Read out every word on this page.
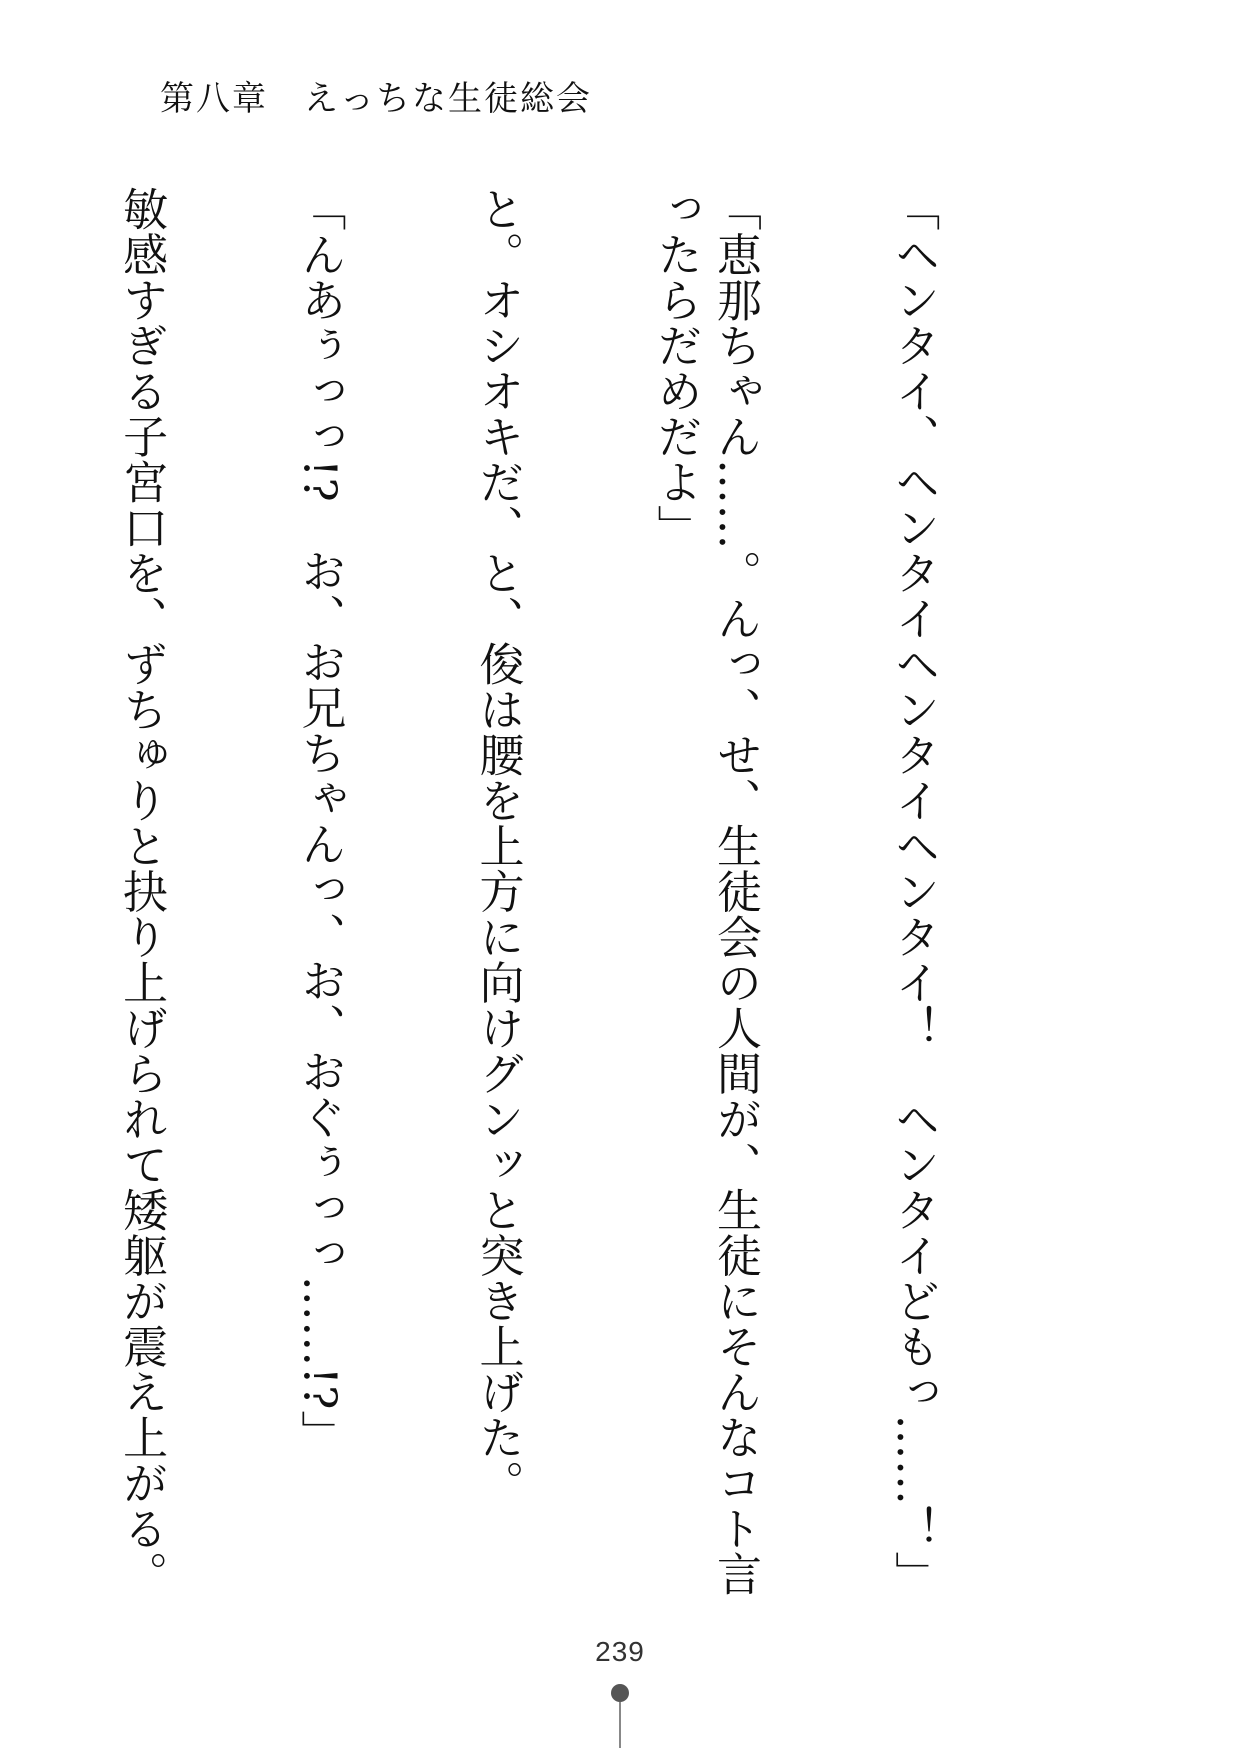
第八章　えっちな生徒総会

「ヘンタイ、ヘンタイヘンタイヘンタイ！　ヘンタイどもっ……！」

「恵那ちゃん……。んっ、せ、生徒会の人間が、生徒にそんなコト言ったらだめだよ」

と。オシオキだ、と、俊は腰を上方に向けグンッと突き上げた。

「んあぅっっ!?　お、お兄ちゃんっ、お、おぐぅっっ……!?」

敏感すぎる子宮口を、ずちゅりと抉り上げられて矮躯が震え上がる。

239
